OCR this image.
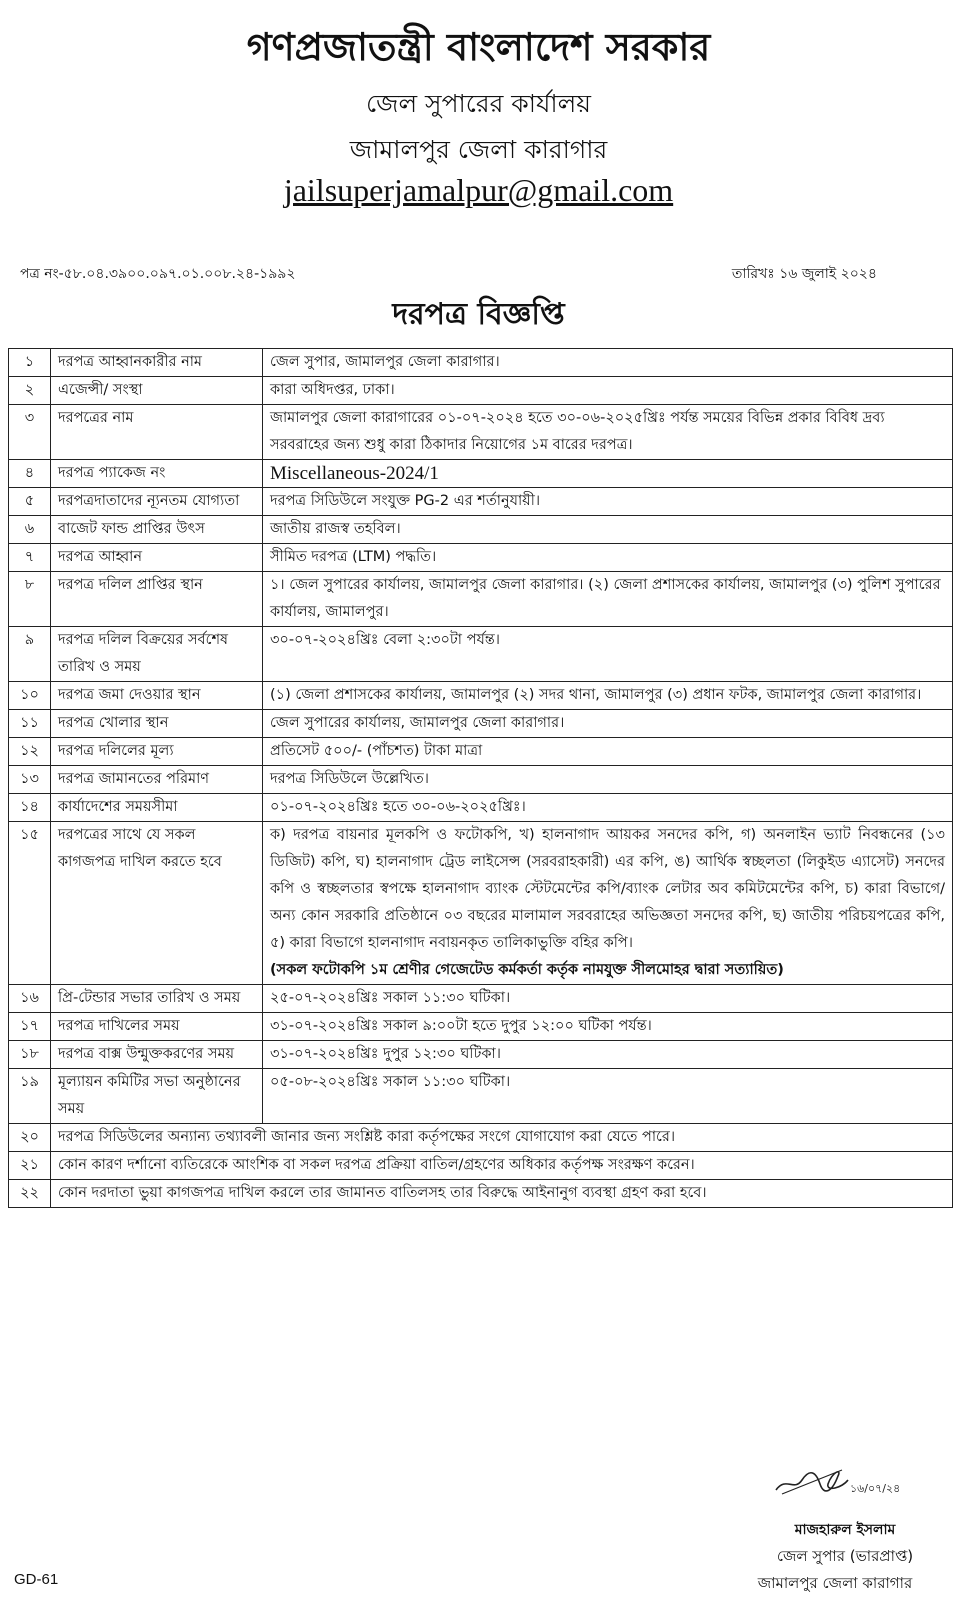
গণপ্রজাতন্ত্রী বাংলাদেশ সরকার
জেল সুপারের কার্যালয়
জামালপুর জেলা কারাগার
jailsuperjamalpur@gmail.com
পত্র নং-৫৮.০৪.৩৯০০.০৯৭.০১.০০৮.২৪-১৯৯২	তারিখঃ ১৬ জুলাই ২০২৪
দরপত্র বিজ্ঞপ্তি
১	দরপত্র আহ্বানকারীর নাম	জেল সুপার, জামালপুর জেলা কারাগার।
২	এজেন্সী/ সংস্থা	কারা অধিদপ্তর, ঢাকা।
৩	দরপত্রের নাম	জামালপুর জেলা কারাগারের ০১-০৭-২০২৪ হতে ৩০-০৬-২০২৫খ্রিঃ পর্যন্ত সময়ের বিভিন্ন প্রকার বিবিধ দ্রব্য সরবরাহের জন্য শুধু কারা ঠিকাদার নিয়োগের ১ম বারের দরপত্র।
৪	দরপত্র প্যাকেজ নং	Miscellaneous-2024/1
৫	দরপত্রদাতাদের ন্যূনতম যোগ্যতা	দরপত্র সিডিউলে সংযুক্ত PG-2 এর শর্তানুযায়ী।
৬	বাজেট ফান্ড প্রাপ্তির উৎস	জাতীয় রাজস্ব তহবিল।
৭	দরপত্র আহ্বান	সীমিত দরপত্র (LTM) পদ্ধতি।
৮	দরপত্র দলিল প্রাপ্তির স্থান	১। জেল সুপারের কার্যালয়, জামালপুর জেলা কারাগার। (২) জেলা প্রশাসকের কার্যালয়, জামালপুর (৩) পুলিশ সুপারের কার্যালয়, জামালপুর।
৯	দরপত্র দলিল বিক্রয়ের সর্বশেষ তারিখ ও সময়	৩০-০৭-২০২৪খ্রিঃ বেলা ২:৩০টা পর্যন্ত।
১০	দরপত্র জমা দেওয়ার স্থান	(১) জেলা প্রশাসকের কার্যালয়, জামালপুর (২) সদর থানা, জামালপুর (৩) প্রধান ফটক, জামালপুর জেলা কারাগার।
১১	দরপত্র খোলার স্থান	জেল সুপারের কার্যালয়, জামালপুর জেলা কারাগার।
১২	দরপত্র দলিলের মূল্য	প্রতিসেট ৫০০/- (পাঁচশত) টাকা মাত্রা
১৩	দরপত্র জামানতের পরিমাণ	দরপত্র সিডিউলে উল্লেখিত।
১৪	কার্যাদেশের সময়সীমা	০১-০৭-২০২৪খ্রিঃ হতে ৩০-০৬-২০২৫খ্রিঃ।
১৫	দরপত্রের সাথে যে সকল কাগজপত্র দাখিল করতে হবে	ক) দরপত্র বায়নার মূলকপি ও ফটোকপি, খ) হালনাগাদ আয়কর সনদের কপি, গ) অনলাইন ভ্যাট নিবন্ধনের (১৩ ডিজিট) কপি, ঘ) হালনাগাদ ট্রেড লাইসেন্স (সরবরাহকারী) এর কপি, ঙ) আর্থিক স্বচ্ছলতা (লিকুইড এ্যাসেট) সনদের কপি ও স্বচ্ছলতার স্বপক্ষে হালনাগাদ ব্যাংক স্টেটমেন্টের কপি/ব্যাংক লেটার অব কমিটমেন্টের কপি, চ) কারা বিভাগে/অন্য কোন সরকারি প্রতিষ্ঠানে ০৩ বছরের মালামাল সরবরাহের অভিজ্ঞতা সনদের কপি, ছ) জাতীয় পরিচয়পত্রের কপি, ৫) কারা বিভাগে হালনাগাদ নবায়নকৃত তালিকাভুক্তি বহির কপি।
(সকল ফটোকপি ১ম শ্রেণীর গেজেটেড কর্মকর্তা কর্তৃক নামযুক্ত সীলমোহর দ্বারা সত্যায়িত)

১৬	প্রি-টেন্ডার সভার তারিখ ও সময়	২৫-০৭-২০২৪খ্রিঃ সকাল ১১:৩০ ঘটিকা।
১৭	দরপত্র দাখিলের সময়	৩১-০৭-২০২৪খ্রিঃ সকাল ৯:০০টা হতে দুপুর ১২:০০ ঘটিকা পর্যন্ত।
১৮	দরপত্র বাক্স উন্মুক্তকরণের সময়	৩১-০৭-২০২৪খ্রিঃ দুপুর ১২:৩০ ঘটিকা।
১৯	মূল্যায়ন কমিটির সভা অনুষ্ঠানের সময়	০৫-০৮-২০২৪খ্রিঃ সকাল ১১:৩০ ঘটিকা।
২০	দরপত্র সিডিউলের অন্যান্য তথ্যাবলী জানার জন্য সংশ্লিষ্ট কারা কর্তৃপক্ষের সংগে যোগাযোগ করা যেতে পারে।	
২১	কোন কারণ দর্শানো ব্যতিরেকে আংশিক বা সকল দরপত্র প্রক্রিয়া বাতিল/গ্রহণের অধিকার কর্তৃপক্ষ সংরক্ষণ করেন।	
২২	কোন দরদাতা ভুয়া কাগজপত্র দাখিল করলে তার জামানত বাতিলসহ তার বিরুদ্ধে আইনানুগ ব্যবস্থা গ্রহণ করা হবে।	
১৬/০৭/২৪
মাজহারুল ইসলাম
জেল সুপার (ভারপ্রাপ্ত)
জামালপুর জেলা কারাগার
GD-61
